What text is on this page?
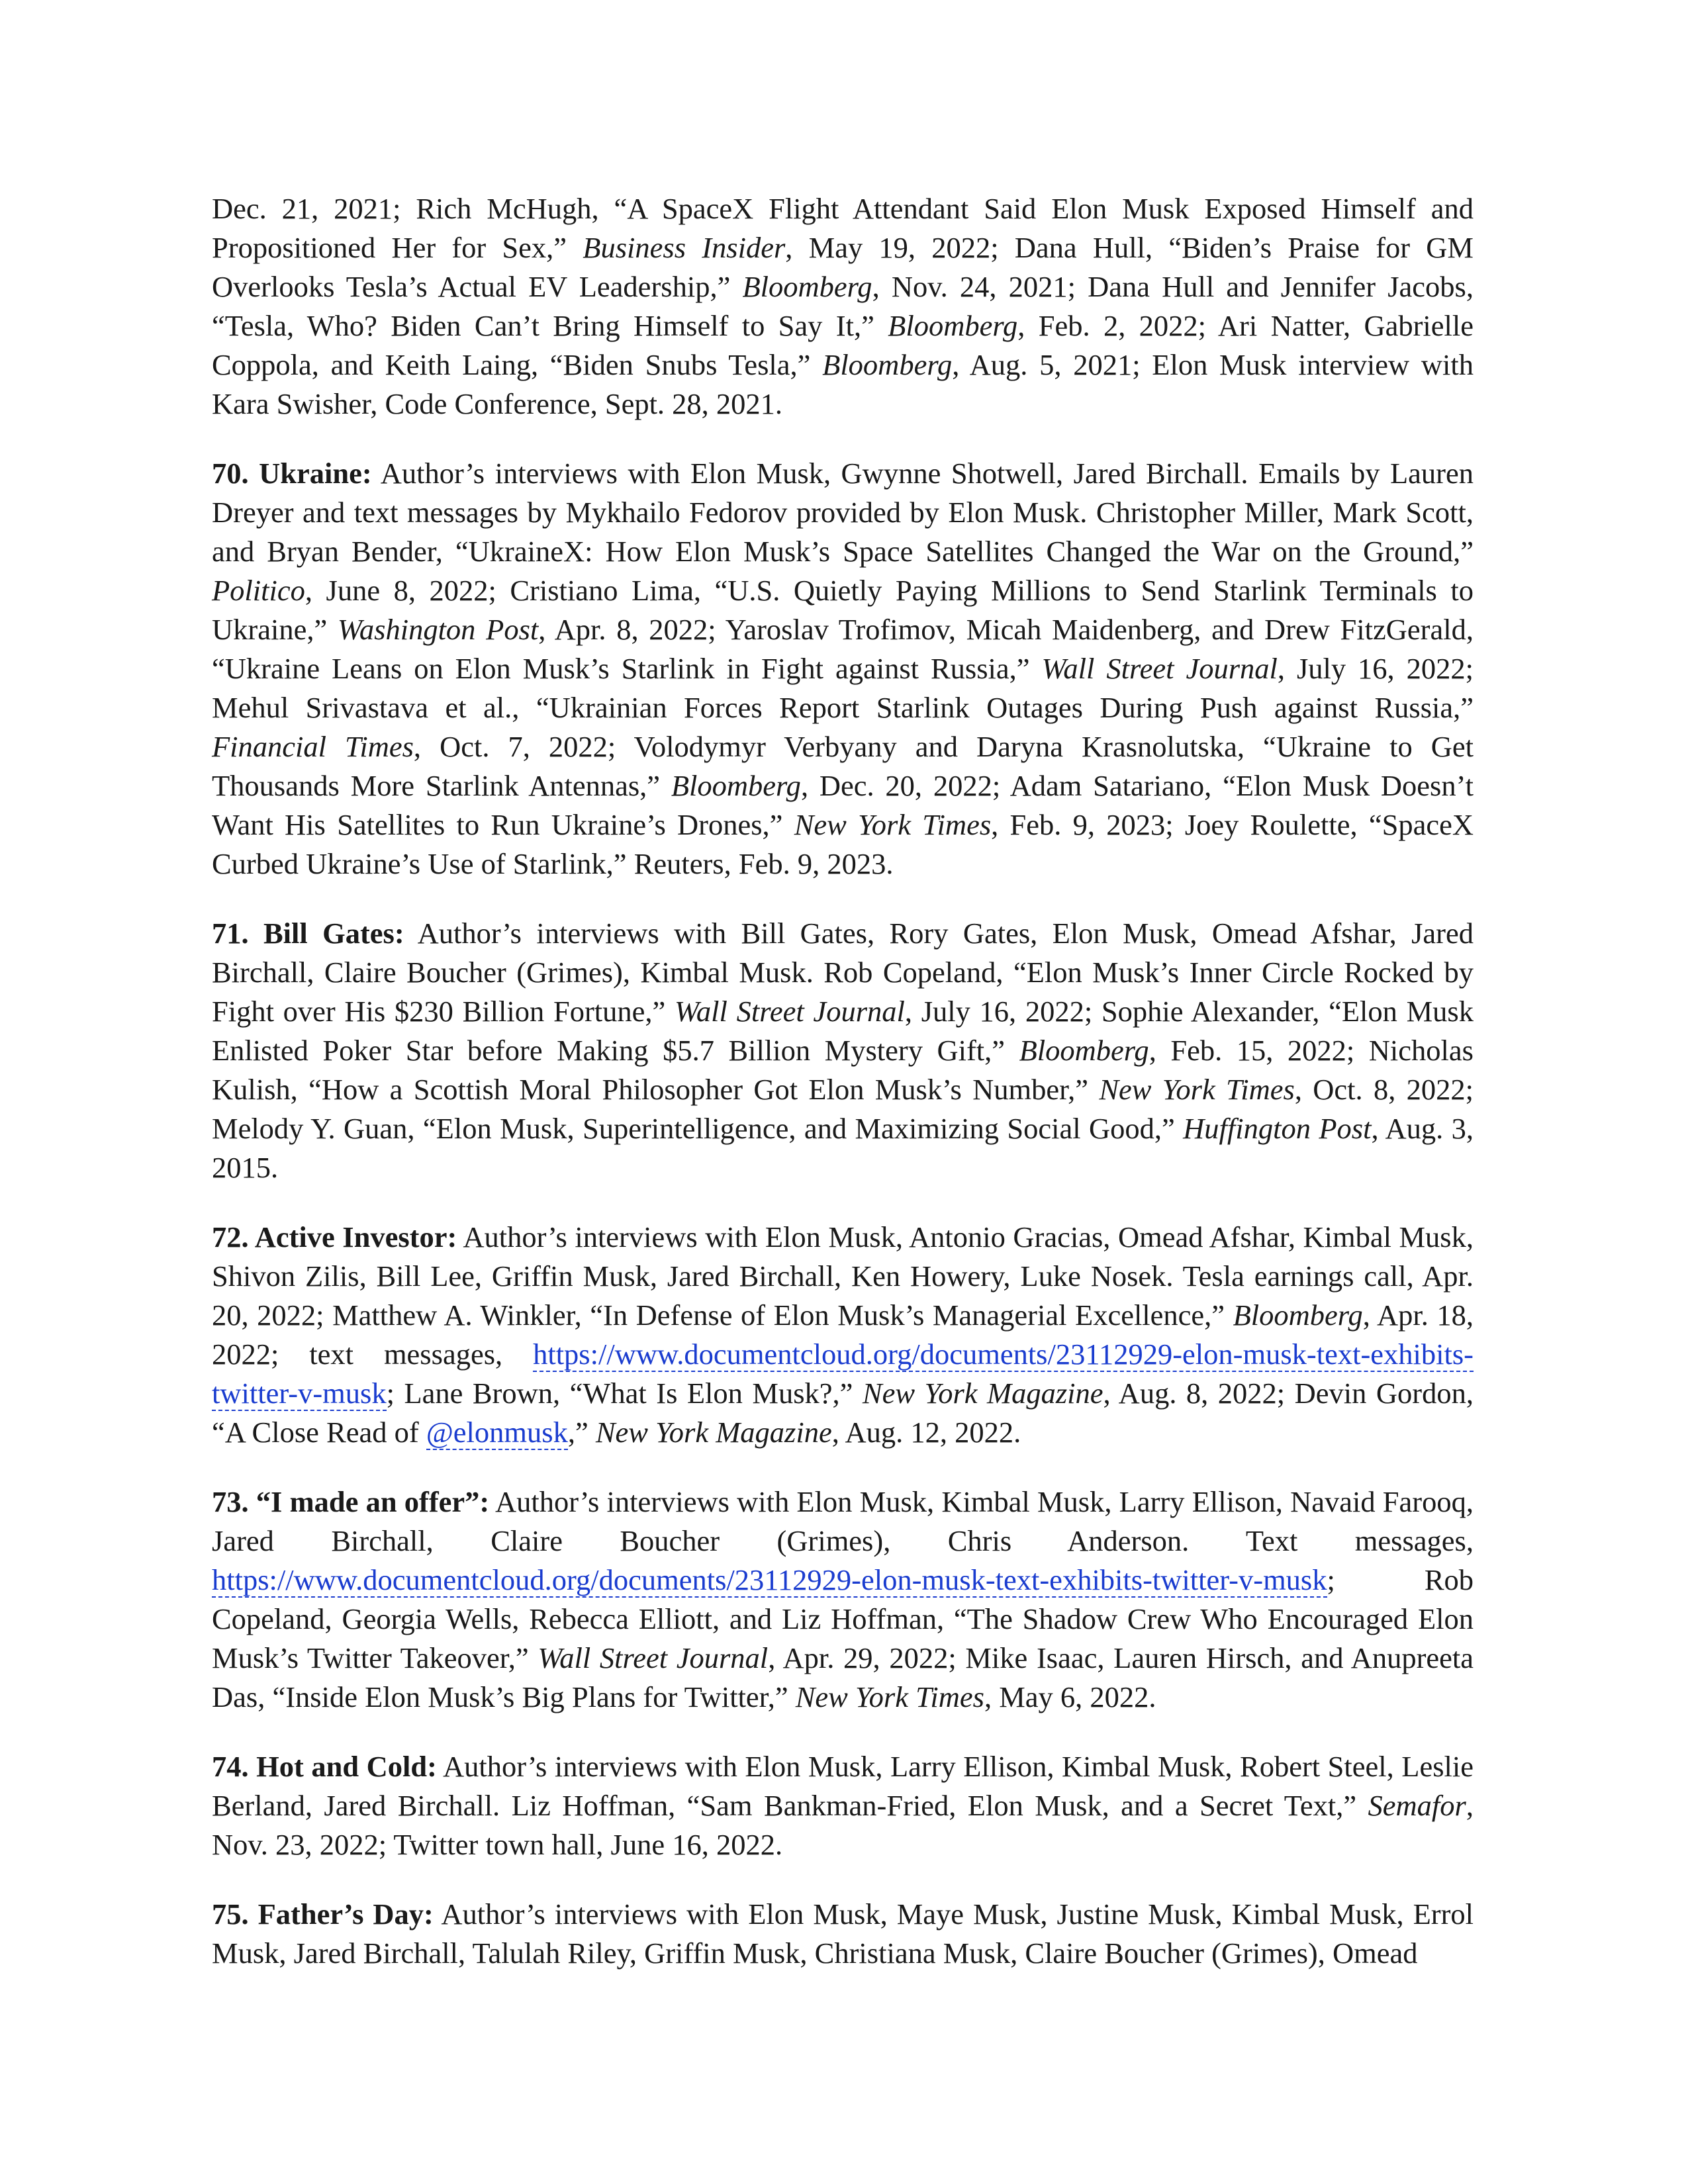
Dec. 21, 2021; Rich McHugh, “A SpaceX Flight Attendant Said Elon Musk Exposed Himself and Propositioned Her for Sex,” Business Insider, May 19, 2022; Dana Hull, “Biden’s Praise for GM Overlooks Tesla’s Actual EV Leadership,” Bloomberg, Nov. 24, 2021; Dana Hull and Jennifer Jacobs, “Tesla, Who? Biden Can’t Bring Himself to Say It,” Bloomberg, Feb. 2, 2022; Ari Natter, Gabrielle Coppola, and Keith Laing, “Biden Snubs Tesla,” Bloomberg, Aug. 5, 2021; Elon Musk interview with Kara Swisher, Code Conference, Sept. 28, 2021.

70. Ukraine: Author’s interviews with Elon Musk, Gwynne Shotwell, Jared Birchall. Emails by Lauren Dreyer and text messages by Mykhailo Fedorov provided by Elon Musk. Christopher Miller, Mark Scott, and Bryan Bender, “UkraineX: How Elon Musk’s Space Satellites Changed the War on the Ground,” Politico, June 8, 2022; Cristiano Lima, “U.S. Quietly Paying Millions to Send Starlink Terminals to Ukraine,” Washington Post, Apr. 8, 2022; Yaroslav Trofimov, Micah Maidenberg, and Drew FitzGerald, “Ukraine Leans on Elon Musk’s Starlink in Fight against Russia,” Wall Street Journal, July 16, 2022; Mehul Srivastava et al., “Ukrainian Forces Report Starlink Outages During Push against Russia,” Financial Times, Oct. 7, 2022; Volodymyr Verbyany and Daryna Krasnolutska, “Ukraine to Get Thousands More Starlink Antennas,” Bloomberg, Dec. 20, 2022; Adam Satariano, “Elon Musk Doesn’t Want His Satellites to Run Ukraine’s Drones,” New York Times, Feb. 9, 2023; Joey Roulette, “SpaceX Curbed Ukraine’s Use of Starlink,” Reuters, Feb. 9, 2023.

71. Bill Gates: Author’s interviews with Bill Gates, Rory Gates, Elon Musk, Omead Afshar, Jared Birchall, Claire Boucher (Grimes), Kimbal Musk. Rob Copeland, “Elon Musk’s Inner Circle Rocked by Fight over His $230 Billion Fortune,” Wall Street Journal, July 16, 2022; Sophie Alexander, “Elon Musk Enlisted Poker Star before Making $5.7 Billion Mystery Gift,” Bloomberg, Feb. 15, 2022; Nicholas Kulish, “How a Scottish Moral Philosopher Got Elon Musk’s Number,” New York Times, Oct. 8, 2022; Melody Y. Guan, “Elon Musk, Superintelligence, and Maximizing Social Good,” Huffington Post, Aug. 3, 2015.

72. Active Investor: Author’s interviews with Elon Musk, Antonio Gracias, Omead Afshar, Kimbal Musk, Shivon Zilis, Bill Lee, Griffin Musk, Jared Birchall, Ken Howery, Luke Nosek. Tesla earnings call, Apr. 20, 2022; Matthew A. Winkler, “In Defense of Elon Musk’s Managerial Excellence,” Bloomberg, Apr. 18, 2022; text messages, https://www.documentcloud.org/documents/23112929-elon-musk-text-exhibits-twitter-v-musk; Lane Brown, “What Is Elon Musk?,” New York Magazine, Aug. 8, 2022; Devin Gordon, “A Close Read of @elonmusk,” New York Magazine, Aug. 12, 2022.

73. “I made an offer”: Author’s interviews with Elon Musk, Kimbal Musk, Larry Ellison, Navaid Farooq, Jared Birchall, Claire Boucher (Grimes), Chris Anderson. Text messages, https://www.documentcloud.org/documents/23112929-elon-musk-text-exhibits-twitter-v-musk; Rob Copeland, Georgia Wells, Rebecca Elliott, and Liz Hoffman, “The Shadow Crew Who Encouraged Elon Musk’s Twitter Takeover,” Wall Street Journal, Apr. 29, 2022; Mike Isaac, Lauren Hirsch, and Anupreeta Das, “Inside Elon Musk’s Big Plans for Twitter,” New York Times, May 6, 2022.

74. Hot and Cold: Author’s interviews with Elon Musk, Larry Ellison, Kimbal Musk, Robert Steel, Leslie Berland, Jared Birchall. Liz Hoffman, “Sam Bankman-Fried, Elon Musk, and a Secret Text,” Semafor, Nov. 23, 2022; Twitter town hall, June 16, 2022.

75. Father’s Day: Author’s interviews with Elon Musk, Maye Musk, Justine Musk, Kimbal Musk, Errol Musk, Jared Birchall, Talulah Riley, Griffin Musk, Christiana Musk, Claire Boucher (Grimes), Omead
